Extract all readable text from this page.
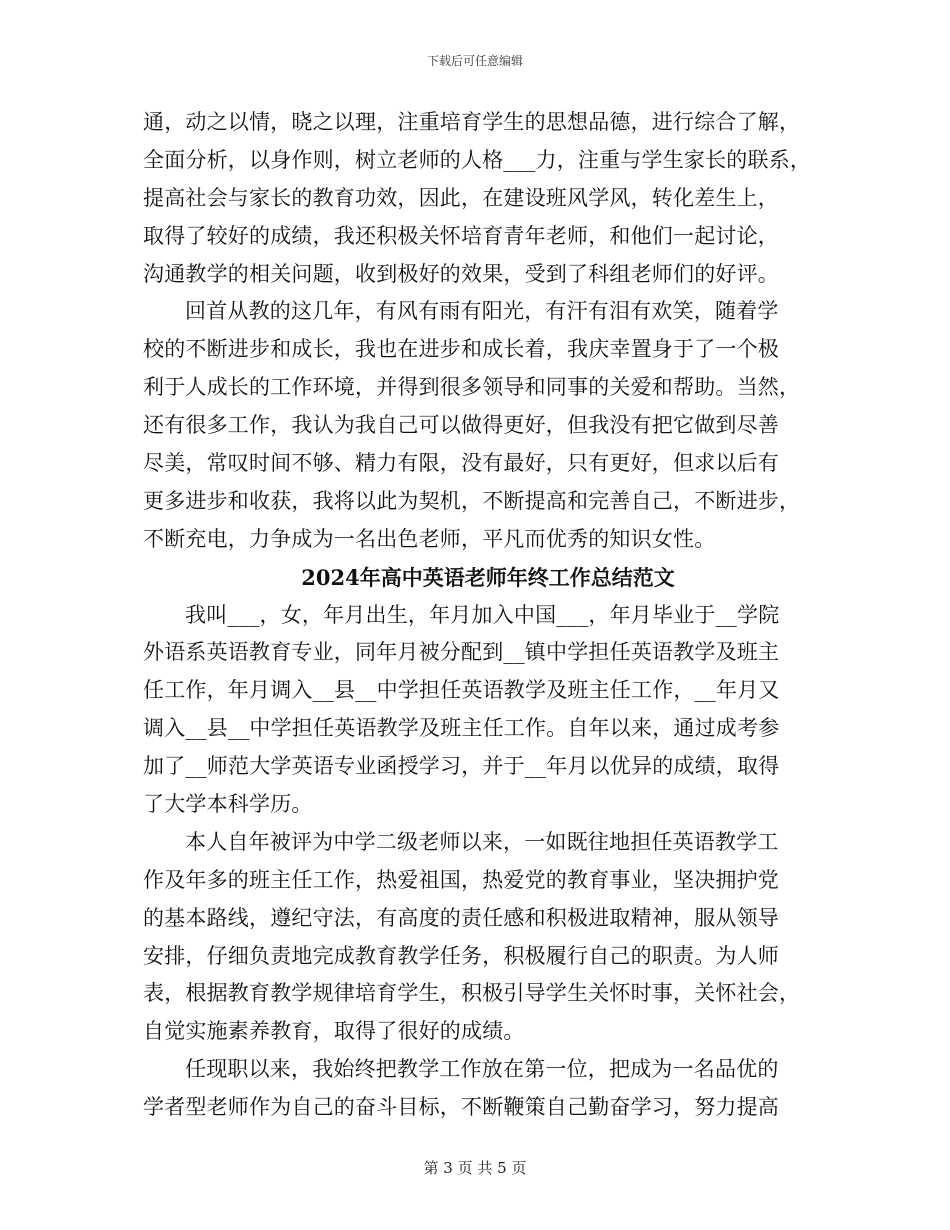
下载后可任意编辑
通，动之以情，晓之以理，注重培育学生的思想品德，进行综合了解，
全面分析，以身作则，树立老师的人格___力，注重与学生家长的联系，
提高社会与家长的教育功效，因此，在建设班风学风，转化差生上，
取得了较好的成绩，我还积极关怀培育青年老师，和他们一起讨论，
沟通教学的相关问题，收到极好的效果，受到了科组老师们的好评。
回首从教的这几年，有风有雨有阳光，有汗有泪有欢笑，随着学
校的不断进步和成长，我也在进步和成长着，我庆幸置身于了一个极
利于人成长的工作环境，并得到很多领导和同事的关爱和帮助。当然，
还有很多工作，我认为我自己可以做得更好，但我没有把它做到尽善
尽美，常叹时间不够、精力有限，没有最好，只有更好，但求以后有
更多进步和收获，我将以此为契机，不断提高和完善自己，不断进步，
不断充电，力争成为一名出色老师，平凡而优秀的知识女性。
2024年高中英语老师年终工作总结范文
我叫___，女，年月出生，年月加入中国___，年月毕业于__学院
外语系英语教育专业，同年月被分配到__镇中学担任英语教学及班主
任工作，年月调入__县__中学担任英语教学及班主任工作，__年月又
调入__县__中学担任英语教学及班主任工作。自年以来，通过成考参
加了__师范大学英语专业函授学习，并于__年月以优异的成绩，取得
了大学本科学历。
本人自年被评为中学二级老师以来，一如既往地担任英语教学工
作及年多的班主任工作，热爱祖国，热爱党的教育事业，坚决拥护党
的基本路线，遵纪守法，有高度的责任感和积极进取精神，服从领导
安排，仔细负责地完成教育教学任务，积极履行自己的职责。为人师
表，根据教育教学规律培育学生，积极引导学生关怀时事，关怀社会，
自觉实施素养教育，取得了很好的成绩。
任现职以来，我始终把教学工作放在第一位，把成为一名品优的
学者型老师作为自己的奋斗目标，不断鞭策自己勤奋学习，努力提高
第 3 页 共 5 页
